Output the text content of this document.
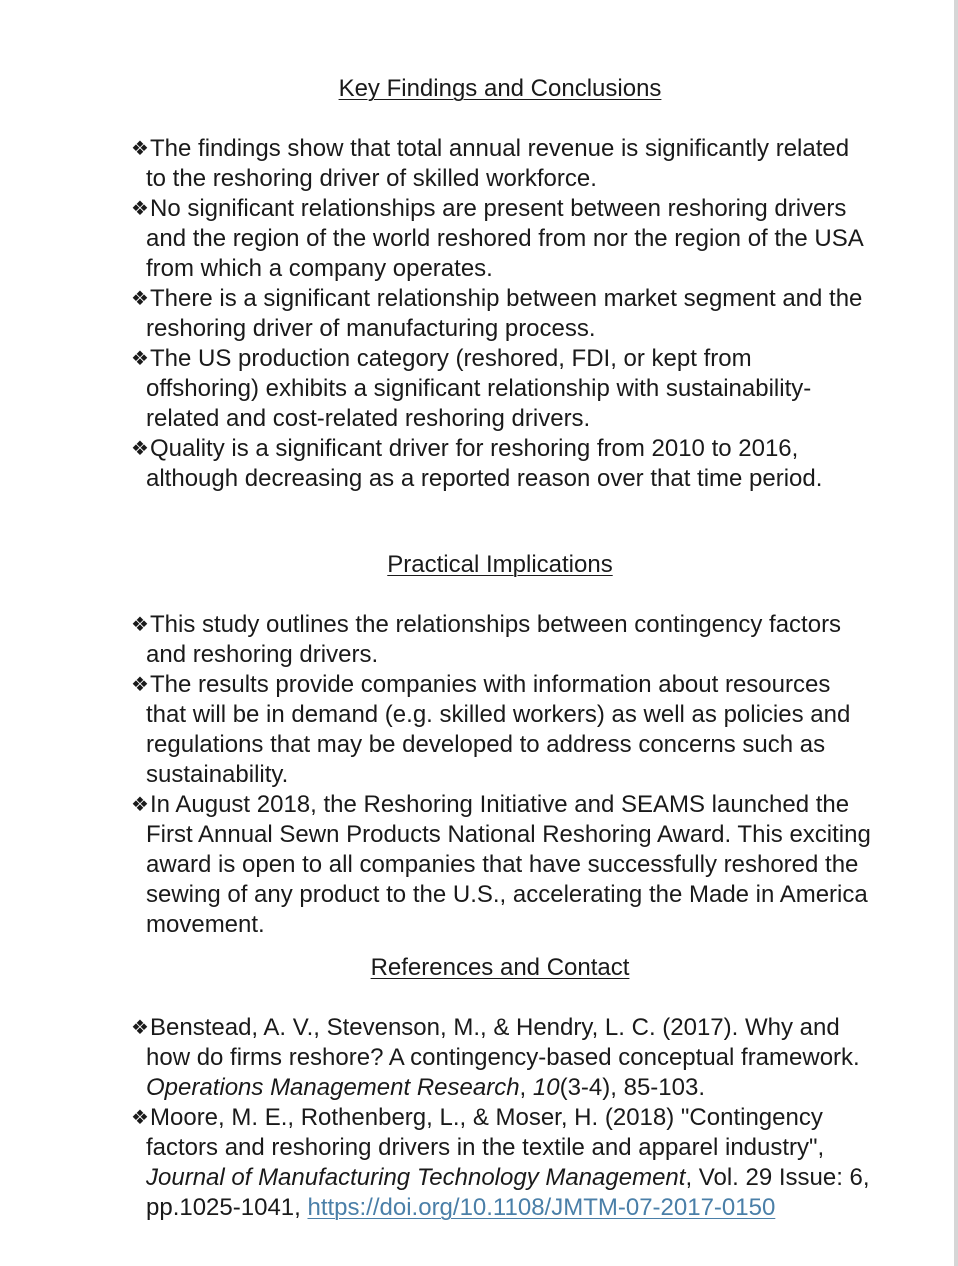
Key Findings and Conclusions
❖ The findings show that total annual revenue is significantly related to the reshoring driver of skilled workforce.
❖ No significant relationships are present between reshoring drivers and the region of the world reshored from nor the region of the USA from which a company operates.
❖ There is a significant relationship between market segment and the reshoring driver of manufacturing process.
❖ The US production category (reshored, FDI, or kept from offshoring) exhibits a significant relationship with sustainability-related and cost-related reshoring drivers.
❖ Quality is a significant driver for reshoring from 2010 to 2016, although decreasing as a reported reason over that time period.
Practical Implications
❖ This study outlines the relationships between contingency factors and reshoring drivers.
❖ The results provide companies with information about resources that will be in demand (e.g. skilled workers) as well as policies and regulations that may be developed to address concerns such as sustainability.
❖ In August 2018, the Reshoring Initiative and SEAMS launched the First Annual Sewn Products National Reshoring Award. This exciting award is open to all companies that have successfully reshored the sewing of any product to the U.S., accelerating the Made in America movement.
References and Contact
❖ Benstead, A. V., Stevenson, M., & Hendry, L. C. (2017). Why and how do firms reshore? A contingency-based conceptual framework. Operations Management Research, 10(3-4), 85-103.
❖ Moore, M. E., Rothenberg, L., & Moser, H. (2018) "Contingency factors and reshoring drivers in the textile and apparel industry", Journal of Manufacturing Technology Management, Vol. 29 Issue: 6, pp.1025-1041, https://doi.org/10.1108/JMTM-07-2017-0150
